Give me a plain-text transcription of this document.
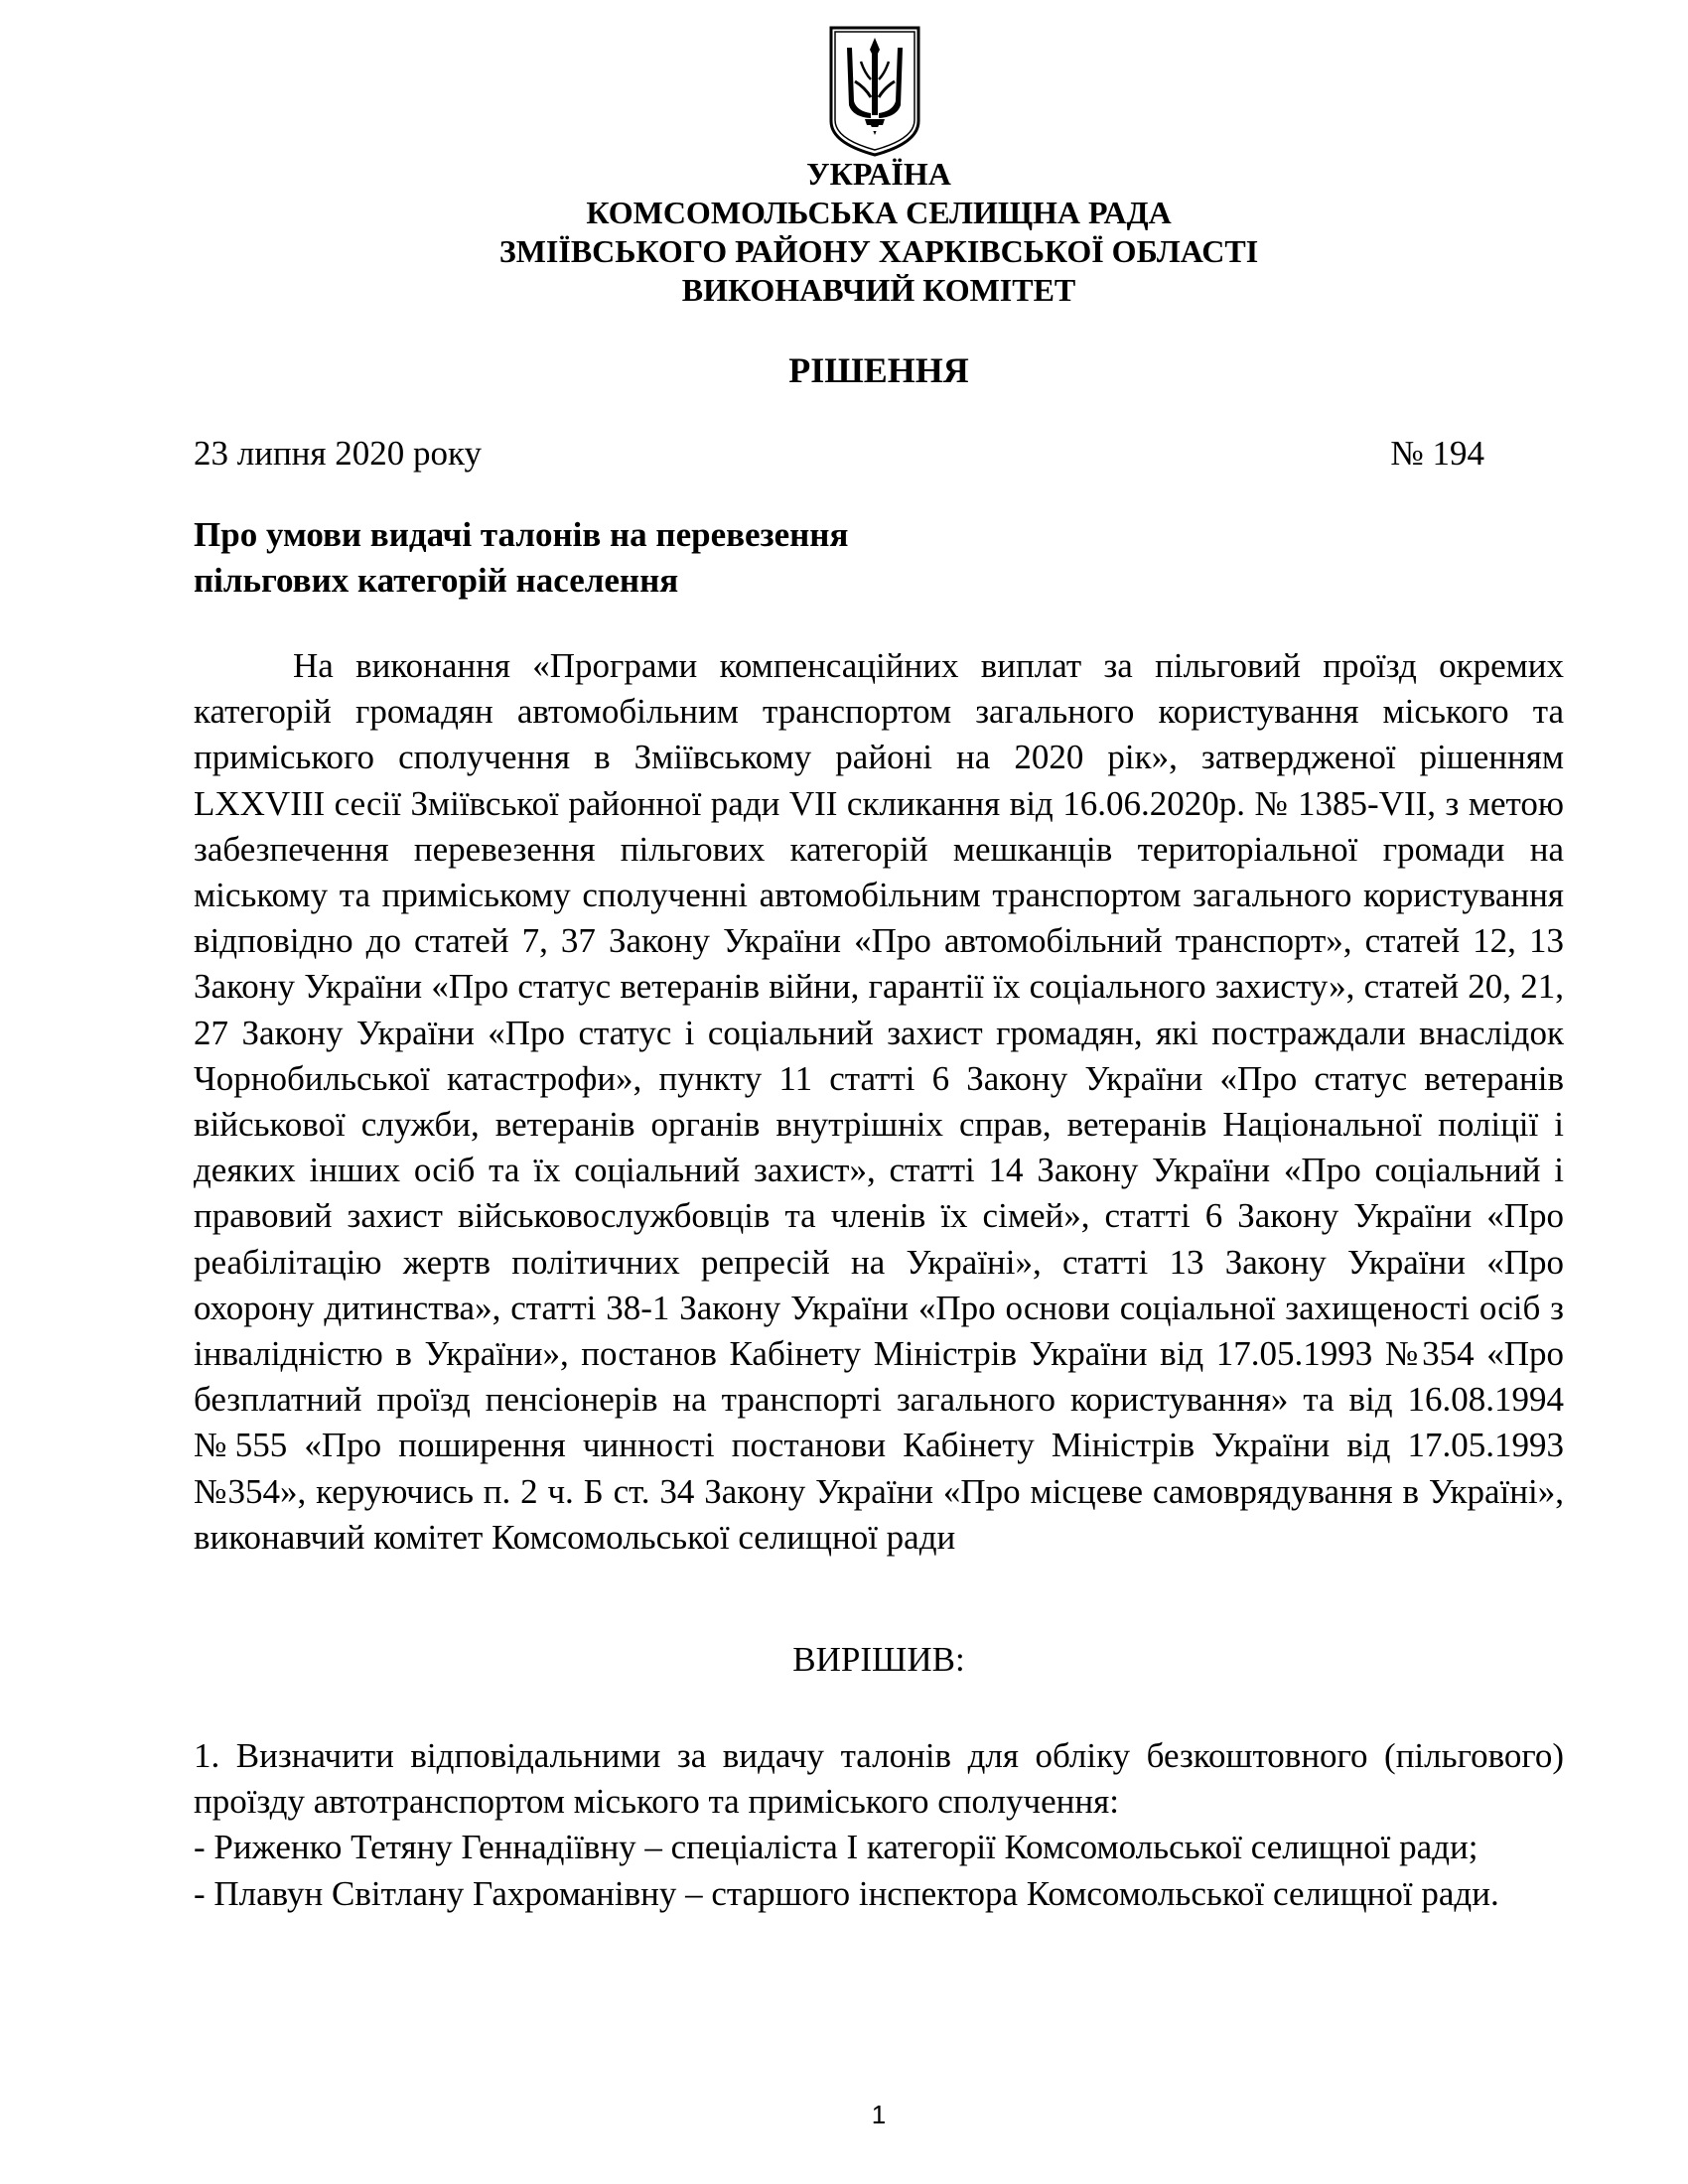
УКРАЇНА
КОМСОМОЛЬСЬКА СЕЛИЩНА РАДА
ЗМІЇВСЬКОГО РАЙОНУ ХАРКІВСЬКОЇ ОБЛАСТІ
ВИКОНАВЧИЙ КОМІТЕТ
РІШЕННЯ
23 липня 2020 року	№ 194
Про умови видачі талонів на перевезення
пільгових категорій населення
На виконання «Програми компенсаційних виплат за пільговий проїзд окремих категорій громадян автомобільним транспортом загального користування міського та приміського сполучення в Зміївському районі на 2020 рік», затвердженої рішенням LXXVIII сесії Зміївської районної ради VII скликання від 16.06.2020р. № 1385-VII, з метою забезпечення перевезення пільгових категорій мешканців територіальної громади на міському та приміському сполученні автомобільним транспортом загального користування відповідно до статей 7, 37 Закону України «Про автомобільний транспорт», статей 12, 13 Закону України «Про статус ветеранів війни, гарантії їх соціального захисту», статей 20, 21, 27 Закону України «Про статус і соціальний захист громадян, які постраждали внаслідок Чорнобильської катастрофи», пункту 11 статті 6 Закону України «Про статус ветеранів військової служби, ветеранів органів внутрішніх справ, ветеранів Національної поліції і деяких інших осіб та їх соціальний захист», статті 14 Закону України «Про соціальний і правовий захист військовослужбовців та членів їх сімей», статті 6 Закону України «Про реабілітацію жертв політичних репресій на Україні», статті 13 Закону України «Про охорону дитинства», статті 38-1 Закону України «Про основи соціальної захищеності осіб з інвалідністю в України», постанов Кабінету Міністрів України від 17.05.1993 №354 «Про безплатний проїзд пенсіонерів на транспорті загального користування» та від 16.08.1994 №555 «Про поширення чинності постанови Кабінету Міністрів України від 17.05.1993 №354», керуючись п. 2 ч. Б ст. 34 Закону України «Про місцеве самоврядування в Україні», виконавчий комітет Комсомольської селищної ради
ВИРІШИВ:

1. Визначити відповідальними за видачу талонів для обліку безкоштовного (пільгового) проїзду автотранспортом міського та приміського сполучення:

- Риженко Тетяну Геннадіївну – спеціаліста І категорії Комсомольської селищної ради;

- Плавун Світлану Гахроманівну – старшого інспектора Комсомольської селищної ради.

1
